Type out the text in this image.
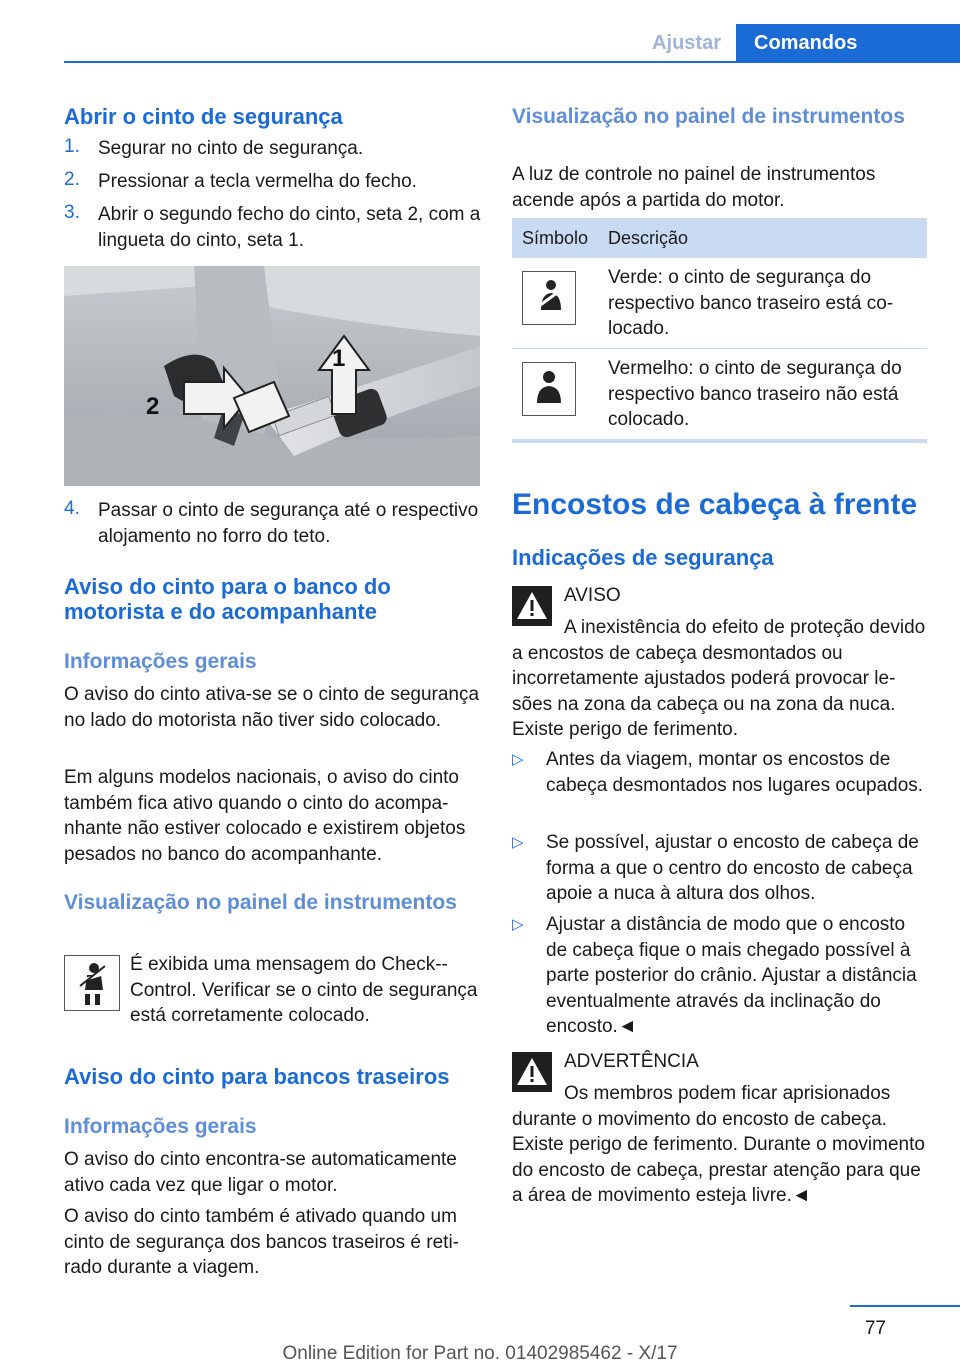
Ajustar	Comandos
Abrir o cinto de segurança
1. Segurar no cinto de segurança.
2. Pressionar a tecla vermelha do fecho.
3. Abrir o segundo fecho do cinto, seta 2, com a lingueta do cinto, seta 1.
1
2
4. Passar o cinto de segurança até o respectivo alojamento no forro do teto.
Aviso do cinto para o banco do motorista e do acompanhante
Informações gerais
O aviso do cinto ativa-se se o cinto de segurança no lado do motorista não tiver sido colocado.
Em alguns modelos nacionais, o aviso do cinto também fica ativo quando o cinto do acompanhante não estiver colocado e existirem objetos pesados no banco do acompanhante.
Visualização no painel de instrumentos
É exibida uma mensagem do Check-Control. Verificar se o cinto de segurança está corretamente colocado.
Aviso do cinto para bancos traseiros
Informações gerais
O aviso do cinto encontra-se automaticamente ativo cada vez que ligar o motor.
O aviso do cinto também é ativado quando um cinto de segurança dos bancos traseiros é retirado durante a viagem.
Visualização no painel de instrumentos
A luz de controle no painel de instrumentos acende após a partida do motor.
Símbolo	Descrição

	Verde: o cinto de segurança do respectivo banco traseiro está colocado.

	Vermelho: o cinto de segurança do respectivo banco traseiro não está colocado.
Encostos de cabeça à frente
Indicações de segurança
AVISO
A inexistência do efeito de proteção devido a encostos de cabeça desmontados ou incorretamente ajustados poderá provocar lesões na zona da cabeça ou na zona da nuca. Existe perigo de ferimento.
▷ Antes da viagem, montar os encostos de cabeça desmontados nos lugares ocupados.
▷ Se possível, ajustar o encosto de cabeça de forma a que o centro do encosto de cabeça apoie a nuca à altura dos olhos.
▷ Ajustar a distância de modo que o encosto de cabeça fique o mais chegado possível à parte posterior do crânio. Ajustar a distância eventualmente através da inclinação do encosto.◄
ADVERTÊNCIA
Os membros podem ficar aprisionados durante o movimento do encosto de cabeça. Existe perigo de ferimento. Durante o movimento do encosto de cabeça, prestar atenção para que a área de movimento esteja livre.◄
77
Online Edition for Part no. 01402985462 - X/17
